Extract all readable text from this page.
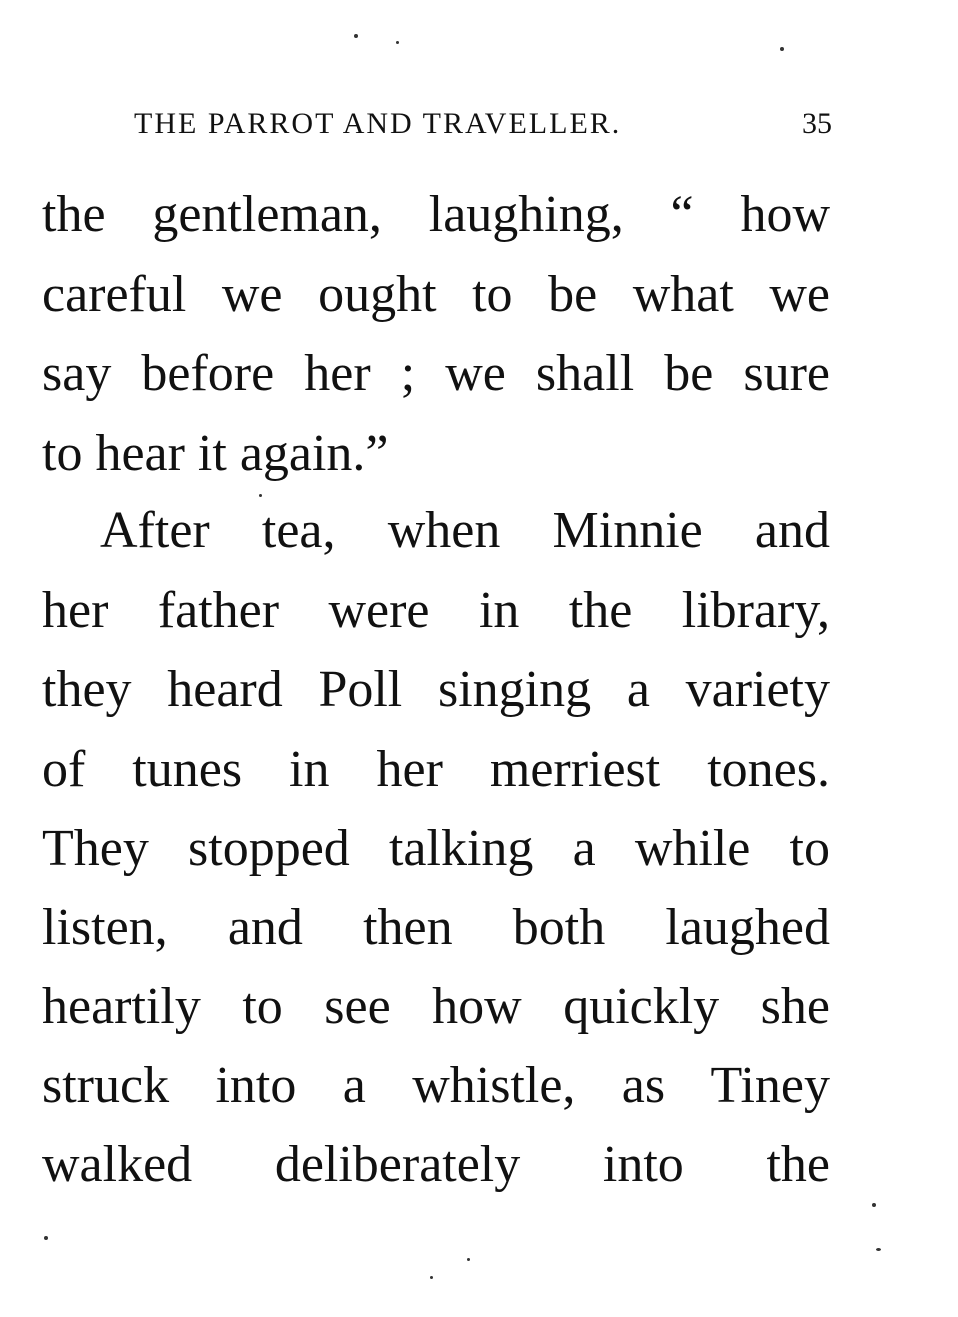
THE PARROT AND TRAVELLER.	35
the gentleman, laughing, “ how
careful we ought to be what we
say before her ; we shall be sure
to hear it again.”
After tea, when Minnie and
her father were in the library,
they heard Poll singing a variety
of tunes in her merriest tones.
They stopped talking a while to
listen, and then both laughed
heartily to see how quickly she
struck into a whistle, as Tiney
walked deliberately into the
